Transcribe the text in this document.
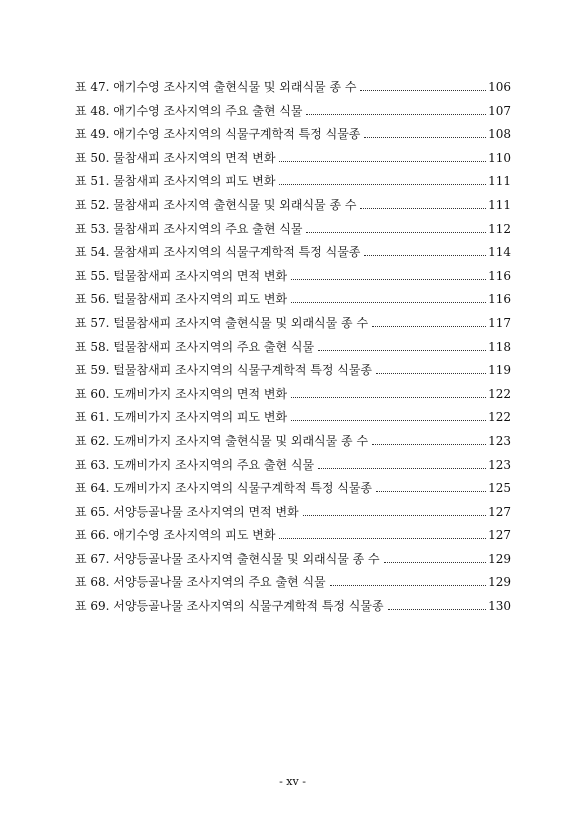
표 47. 애기수영 조사지역 출현식물 및 외래식물 종 수	106
표 48. 애기수영 조사지역의 주요 출현 식물	107
표 49. 애기수영 조사지역의 식물구계학적 특정 식물종	108
표 50. 물참새피 조사지역의 면적 변화	110
표 51. 물참새피 조사지역의 피도 변화	111
표 52. 물참새피 조사지역 출현식물 및 외래식물 종 수	111
표 53. 물참새피 조사지역의 주요 출현 식물	112
표 54. 물참새피 조사지역의 식물구계학적 특정 식물종	114
표 55. 털물참새피 조사지역의 면적 변화	116
표 56. 털물참새피 조사지역의 피도 변화	116
표 57. 털물참새피 조사지역 출현식물 및 외래식물 종 수	117
표 58. 털물참새피 조사지역의 주요 출현 식물	118
표 59. 털물참새피 조사지역의 식물구계학적 특정 식물종	119
표 60. 도깨비가지 조사지역의 면적 변화	122
표 61. 도깨비가지 조사지역의 피도 변화	122
표 62. 도깨비가지 조사지역 출현식물 및 외래식물 종 수	123
표 63. 도깨비가지 조사지역의 주요 출현 식물	123
표 64. 도깨비가지 조사지역의 식물구계학적 특정 식물종	125
표 65. 서양등골나물 조사지역의 면적 변화	127
표 66. 애기수영 조사지역의 피도 변화	127
표 67. 서양등골나물 조사지역 출현식물 및 외래식물 종 수	129
표 68. 서양등골나물 조사지역의 주요 출현 식물	129
표 69. 서양등골나물 조사지역의 식물구계학적 특정 식물종	130
- xv -
